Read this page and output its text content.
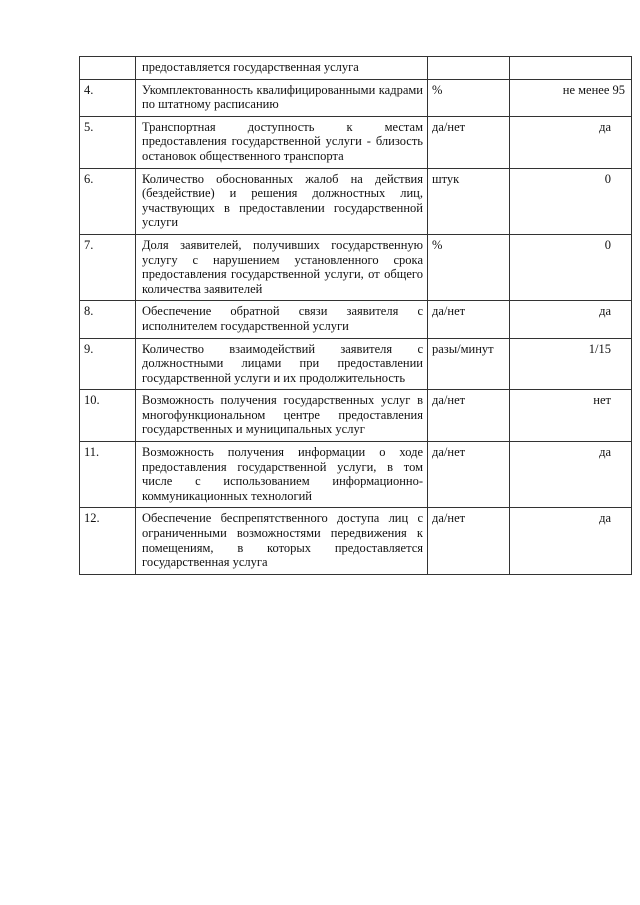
	предоставляется государственная услуга		
4.	Укомплектованность квалифицированными кадрами по штатному расписанию	%	не менее 95
5.	Транспортная доступность к местам предоставления государственной услуги - близость остановок общественного транспорта	да/нет	да
6.	Количество обоснованных жалоб на действия (бездействие) и решения должностных лиц, участвующих в предоставлении государственной услуги	штук	0
7.	Доля заявителей, получивших государственную услугу с нарушением установленного срока предоставления государственной услуги, от общего количества заявителей	%	0
8.	Обеспечение обратной связи заявителя с исполнителем государственной услуги	да/нет	да
9.	Количество взаимодействий заявителя с должностными лицами при предоставлении государственной услуги и их продолжительность	разы/минут	1/15
10.	Возможность получения государственных услуг в многофункциональном центре предоставления государственных и муниципальных услуг	да/нет	нет
11.	Возможность получения информации о ходе предоставления государственной услуги, в том числе с использованием информационно-коммуникационных технологий	да/нет	да
12.	Обеспечение беспрепятственного доступа лиц с ограниченными возможностями передвижения к помещениям, в которых предоставляется государственная услуга	да/нет	да
